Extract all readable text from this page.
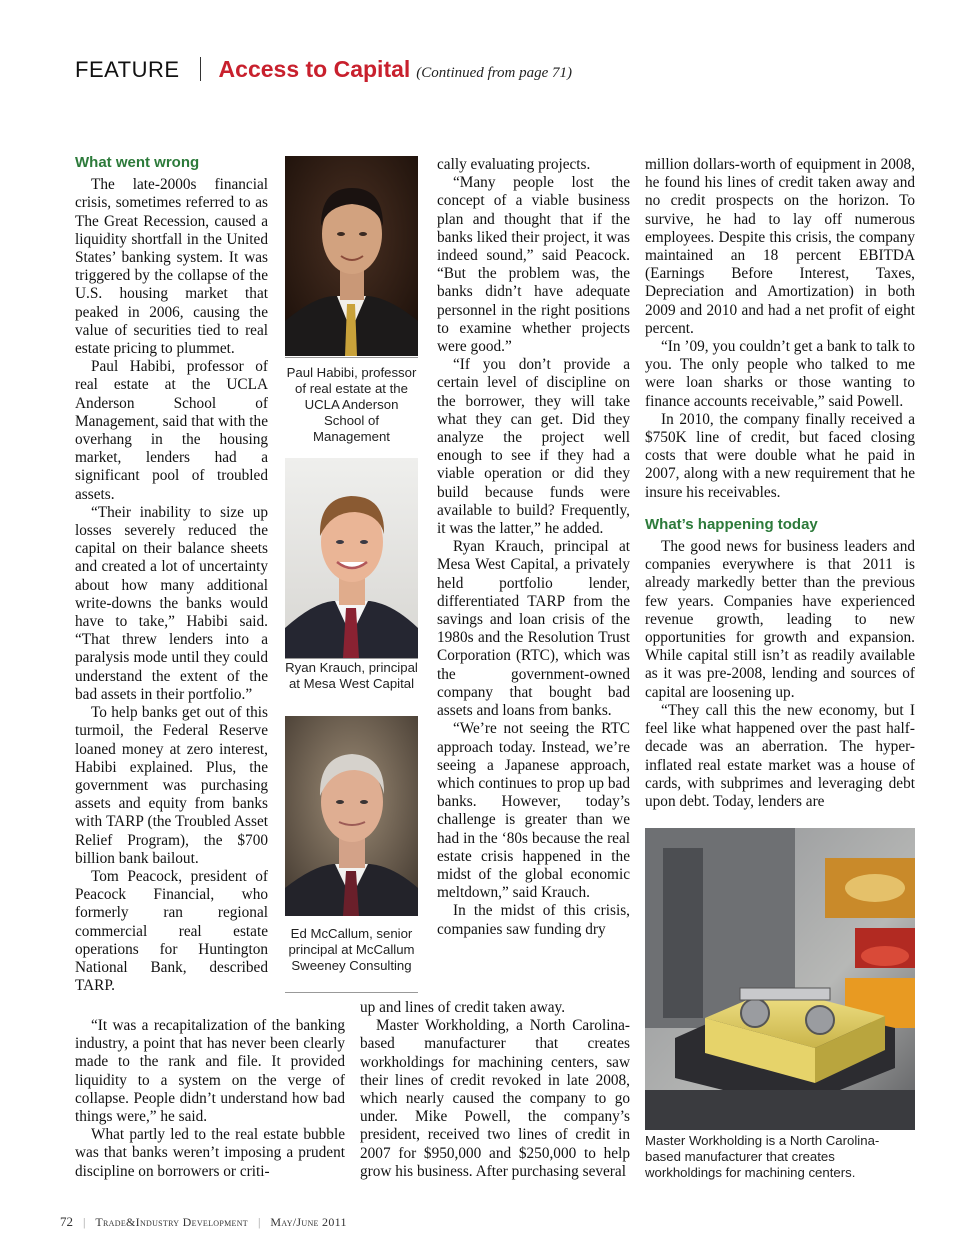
FEATURE Access to Capital (Continued from page 71)
What went wrong

The late-2000s financial crisis, sometimes referred to as The Great Recession, caused a liquidity shortfall in the United States’ banking system. It was triggered by the collapse of the U.S. housing market that peaked in 2006, causing the value of securities tied to real estate pricing to plummet.

Paul Habibi, professor of real estate at the UCLA Anderson School of Management, said that with the overhang in the housing market, lenders had a significant pool of troubled assets.

“Their inability to size up losses severely reduced the capital on their balance sheets and created a lot of uncertainty about how many additional write-downs the banks would have to take,” Habibi said. “That threw lenders into a paralysis mode until they could understand the extent of the bad assets in their portfolio.”

To help banks get out of this turmoil, the Federal Reserve loaned money at zero interest, Habibi explained. Plus, the government was purchasing assets and equity from banks with TARP (the Troubled Asset Relief Program), the $700 billion bank bailout.

Tom Peacock, president of Peacock Financial, who formerly ran regional commercial real estate operations for Huntington National Bank, described TARP.

“It was a recapitalization of the banking industry, a point that has never been clearly made to the rank and file. It provided liquidity to a system on the verge of collapse. People didn’t understand how bad things were,” he said.

What partly led to the real estate bubble was that banks weren’t imposing a prudent discipline on borrowers or criti-

Paul Habibi, professor of real estate at the UCLA Anderson School of Management
Ryan Krauch, principal at Mesa West Capital
Ed McCallum, senior principal at McCallum Sweeney Consulting

cally evaluating projects.

“Many people lost the concept of a viable business plan and thought that if the banks liked their project, it was indeed sound,” said Peacock. “But the problem was, the banks didn’t have adequate personnel in the right positions to examine whether projects were good.”

“If you don’t provide a certain level of discipline on the borrower, they will take what they can get. Did they analyze the project well enough to see if they had a viable operation or did they build because funds were available to build? Frequently, it was the latter,” he added.

Ryan Krauch, principal at Mesa West Capital, a privately held portfolio lender, differentiated TARP from the savings and loan crisis of the 1980s and the Resolution Trust Corporation (RTC), which was the government-owned company that bought bad assets and loans from banks.

“We’re not seeing the RTC approach today. Instead, we’re seeing a Japanese approach, which continues to prop up bad banks. However, today’s challenge is greater than we had in the ‘80s because the real estate crisis happened in the midst of the global economic meltdown,” said Krauch.

In the midst of this crisis, companies saw funding dry

up and lines of credit taken away.

Master Workholding, a North Carolina-based manufacturer that creates workholdings for machining centers, saw their lines of credit revoked in late 2008, which nearly caused the company to go under. Mike Powell, the company’s president, received two lines of credit in 2007 for $950,000 and $250,000 to help grow his business. After purchasing several

million dollars-worth of equipment in 2008, he found his lines of credit taken away and no credit prospects on the horizon. To survive, he had to lay off numerous employees. Despite this crisis, the company maintained an 18 percent EBITDA (Earnings Before Interest, Taxes, Depreciation and Amortization) in both 2009 and 2010 and had a net profit of eight percent.

“In ’09, you couldn’t get a bank to talk to you. The only people who talked to me were loan sharks or those wanting to finance accounts receivable,” said Powell.

In 2010, the company finally received a $750K line of credit, but faced closing costs that were double what he paid in 2007, along with a new requirement that he insure his receivables.

What’s happening today

The good news for business leaders and companies everywhere is that 2011 is already markedly better than the previous few years. Companies have experienced revenue growth, leading to new opportunities for growth and expansion. While capital still isn’t as readily available as it was pre-2008, lending and sources of capital are loosening up.

“They call this the new economy, but I feel like what happened over the past half-decade was an aberration. The hyper-inflated real estate market was a house of cards, with subprimes and leveraging debt upon debt. Today, lenders are

Master Workholding is a North Carolina-based manufacturer that creates workholdings for machining centers.
72 | Trade&Industry Development | May/June 2011
